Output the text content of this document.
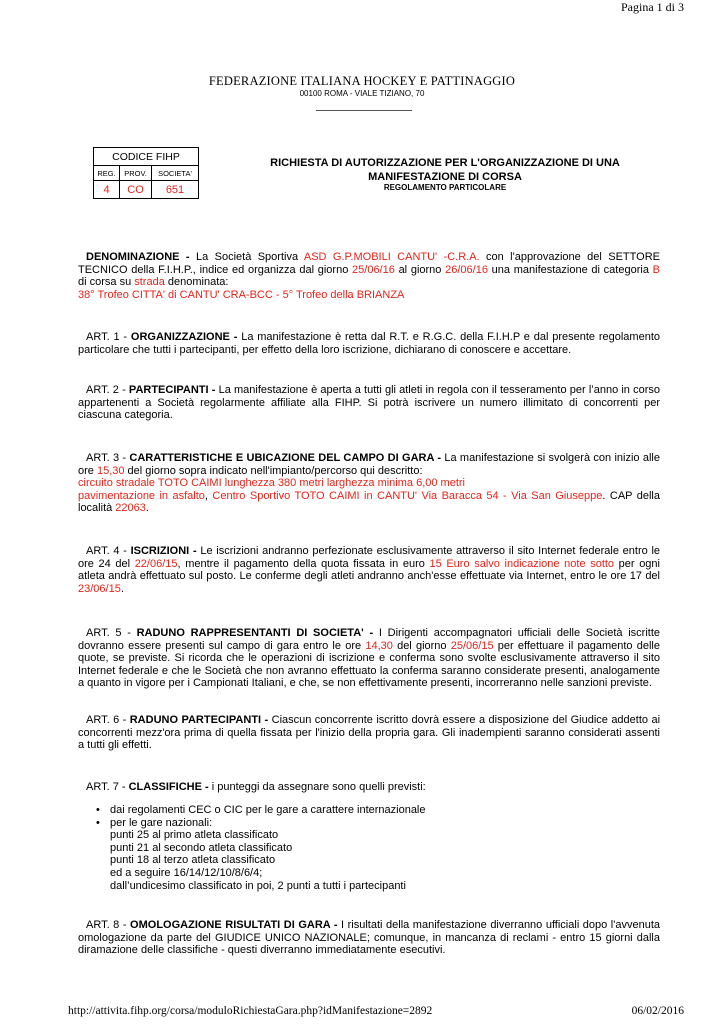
Pagina 1 di 3
FEDERAZIONE ITALIANA HOCKEY E PATTINAGGIO
00100 ROMA - VIALE TIZIANO, 70
CODICE FIHP		
REG.	PROV.	SOCIETA'
4	CO	651
RICHIESTA DI AUTORIZZAZIONE PER L'ORGANIZZAZIONE DI UNA MANIFESTAZIONE DI CORSA
REGOLAMENTO PARTICOLARE
DENOMINAZIONE - La Società Sportiva ASD G.P.MOBILI CANTU' -C.R.A. con l'approvazione del SETTORE TECNICO della F.I.H.P., indice ed organizza dal giorno 25/06/16 al giorno 26/06/16 una manifestazione di categoria B di corsa su strada denominata:
38° Trofeo CITTA' di CANTU' CRA-BCC - 5° Trofeo della BRIANZA
ART. 1 - ORGANIZZAZIONE - La manifestazione è retta dal R.T. e R.G.C. della F.I.H.P e dal presente regolamento particolare che tutti i partecipanti, per effetto della loro iscrizione, dichiarano di conoscere e accettare.
ART. 2 - PARTECIPANTI - La manifestazione è aperta a tutti gli atleti in regola con il tesseramento per l’anno in corso appartenenti a Società regolarmente affiliate alla FIHP. Si potrà iscrivere un numero illimitato di concorrenti per ciascuna categoria.
ART. 3 - CARATTERISTICHE E UBICAZIONE DEL CAMPO DI GARA - La manifestazione si svolgerà con inizio alle ore 15,30 del giorno sopra indicato nell'impianto/percorso qui descritto:
circuito stradale TOTO CAIMI lunghezza 380 metri larghezza minima 6,00 metri
pavimentazione in asfalto, Centro Sportivo TOTO CAIMI in CANTU' Via Baracca 54 - Via San Giuseppe. CAP della località 22063.
ART. 4 - ISCRIZIONI - Le iscrizioni andranno perfezionate esclusivamente attraverso il sito Internet federale entro le ore 24 del 22/06/15, mentre il pagamento della quota fissata in euro 15 Euro salvo indicazione note sotto per ogni atleta andrà effettuato sul posto. Le conferme degli atleti andranno anch'esse effettuate via Internet, entro le ore 17 del 23/06/15.
ART. 5 - RADUNO RAPPRESENTANTI DI SOCIETA' - I Dirigenti accompagnatori ufficiali delle Società iscritte dovranno essere presenti sul campo di gara entro le ore 14,30 del giorno 25/06/15 per effettuare il pagamento delle quote, se previste. Si ricorda che le operazioni di iscrizione e conferma sono svolte esclusivamente attraverso il sito Internet federale e che le Società che non avranno effettuato la conferma saranno considerate presenti, analogamente a quanto in vigore per i Campionati Italiani, e che, se non effettivamente presenti, incorreranno nelle sanzioni previste.
ART. 6 - RADUNO PARTECIPANTI - Ciascun concorrente iscritto dovrà essere a disposizione del Giudice addetto ai concorrenti mezz'ora prima di quella fissata per l'inizio della propria gara. Gli inadempienti saranno considerati assenti a tutti gli effetti.
ART. 7 - CLASSIFICHE - i punteggi da assegnare sono quelli previsti:
• dai regolamenti CEC o CIC per le gare a carattere internazionale
• per le gare nazionali:
punti 25 al primo atleta classificato
punti 21 al secondo atleta classificato
punti 18 al terzo atleta classificato
ed a seguire 16/14/12/10/8/6/4;
dall’undicesimo classificato in poi, 2 punti a tutti i partecipanti
ART. 8 - OMOLOGAZIONE RISULTATI DI GARA - I risultati della manifestazione diverranno ufficiali dopo l'avvenuta omologazione da parte del GIUDICE UNICO NAZIONALE; comunque, in mancanza di reclami - entro 15 giorni dalla diramazione delle classifiche - questi diverranno immediatamente esecutivi.
http://attivita.fihp.org/corsa/moduloRichiestaGara.php?idManifestazione=2892	06/02/2016
